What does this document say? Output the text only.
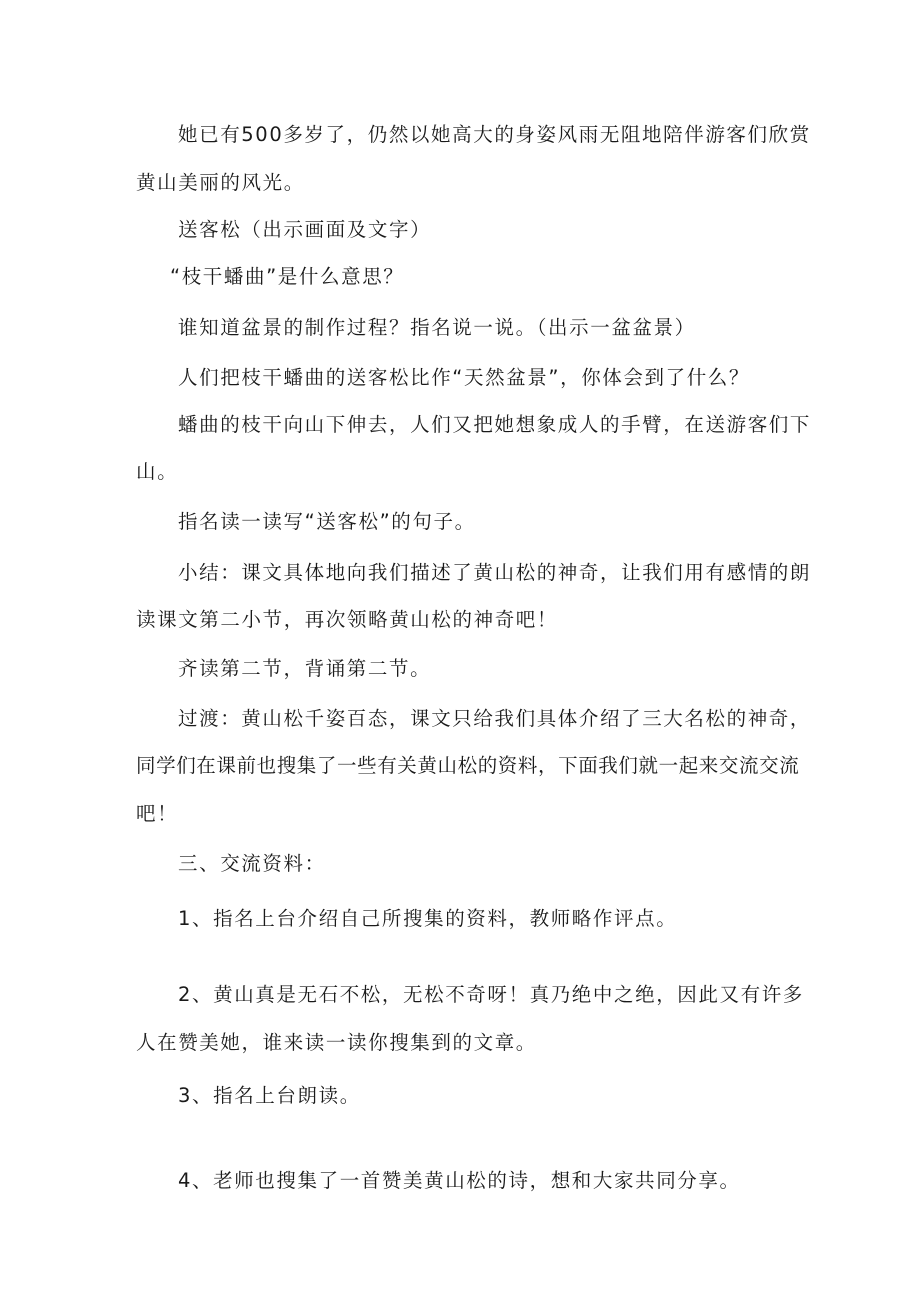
她已有500多岁了，仍然以她高大的身姿风雨无阻地陪伴游客们欣赏
黄山美丽的风光。
送客松（出示画面及文字）
“枝干蟠曲”是什么意思？
谁知道盆景的制作过程？指名说一说。（出示一盆盆景）
人们把枝干蟠曲的送客松比作“天然盆景”，你体会到了什么？
蟠曲的枝干向山下伸去，人们又把她想象成人的手臂，在送游客们下
山。
指名读一读写“送客松”的句子。
小结：课文具体地向我们描述了黄山松的神奇，让我们用有感情的朗
读课文第二小节，再次领略黄山松的神奇吧！
齐读第二节，背诵第二节。
过渡：黄山松千姿百态，课文只给我们具体介绍了三大名松的神奇，
同学们在课前也搜集了一些有关黄山松的资料，下面我们就一起来交流交流
吧！
三、交流资料：
1、指名上台介绍自己所搜集的资料，教师略作评点。
2、黄山真是无石不松，无松不奇呀！真乃绝中之绝，因此又有许多
人在赞美她，谁来读一读你搜集到的文章。
3、指名上台朗读。
4、老师也搜集了一首赞美黄山松的诗，想和大家共同分享。
